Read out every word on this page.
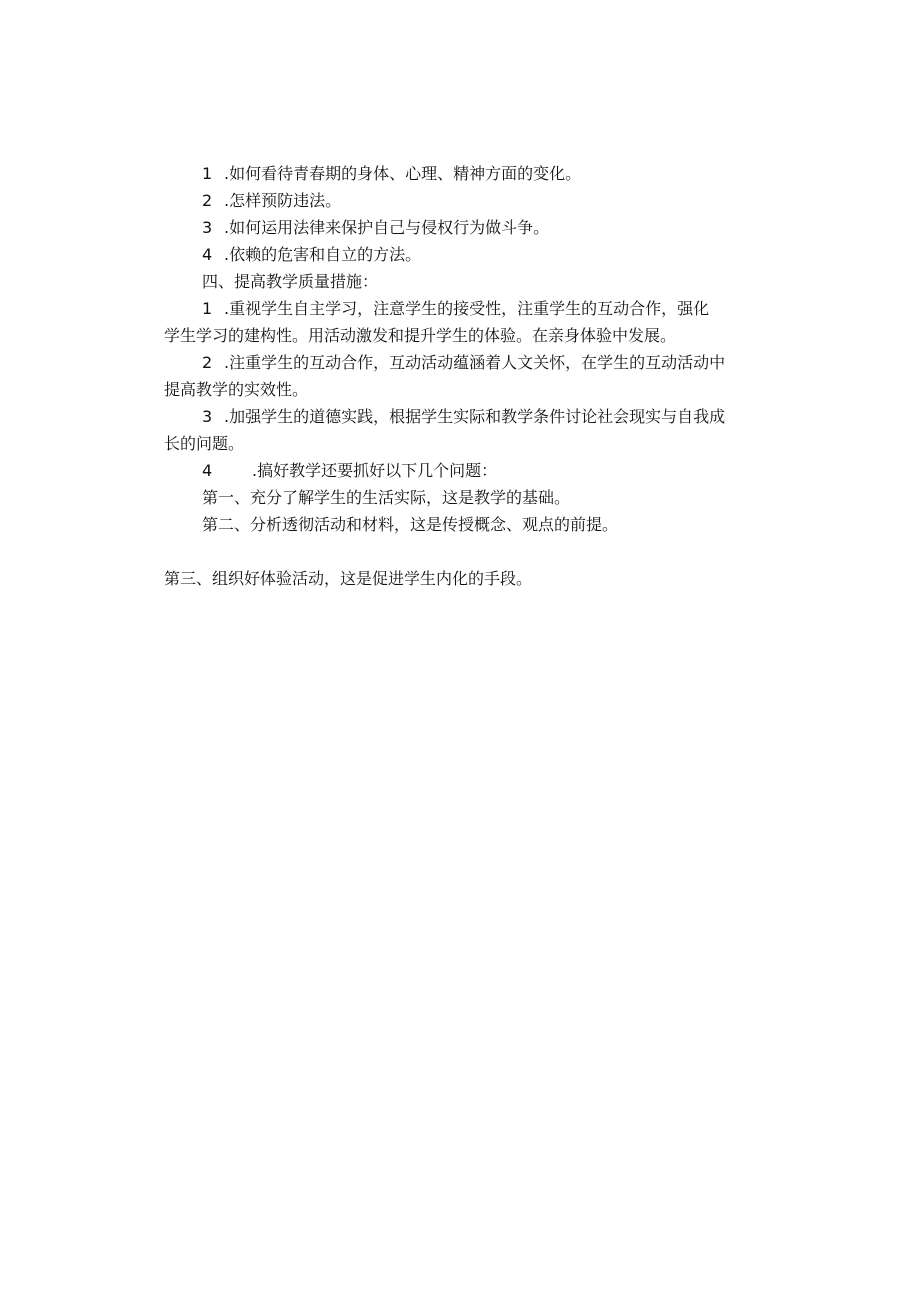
1 .如何看待青春期的身体、心理、精神方面的变化。
2 .怎样预防违法。
3 .如何运用法律来保护自己与侵权行为做斗争。
4 .依赖的危害和自立的方法。
四、提高教学质量措施：
1 .重视学生自主学习，注意学生的接受性，注重学生的互动合作，强化
学生学习的建构性。用活动激发和提升学生的体验。在亲身体验中发展。
2 .注重学生的互动合作，互动活动蕴涵着人文关怀，在学生的互动活动中
提高教学的实效性。
3 .加强学生的道德实践，根据学生实际和教学条件讨论社会现实与自我成
长的问题。
4 .搞好教学还要抓好以下几个问题：
第一、充分了解学生的生活实际，这是教学的基础。
第二、分析透彻活动和材料，这是传授概念、观点的前提。
第三、组织好体验活动，这是促进学生内化的手段。
